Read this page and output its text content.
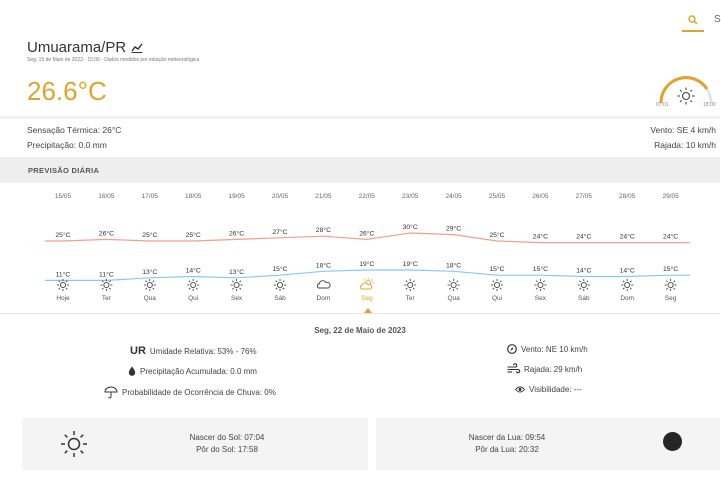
S
Umuarama/PR
Seg, 15 de Maio de 2023 - 15:00 - Dados medidos por estação meteorológica
26.6°C	07:01	18:00
Sensação Térmica: 26°C
Precipitação: 0.0 mm
Vento: SE 4 km/h
Rajada: 10 km/h
PREVISÃO DIÁRIA
15/05
25°C
11°C
Hoje
16/05
26°C
11°C
Ter
17/05
25°C
13°C
Qua
18/05
25°C
14°C
Qui
19/05
26°C
13°C
Sex
20/05
27°C
15°C
Sáb
21/05
28°C
18°C
Dom
22/05
26°C
19°C
Seg
23/05
30°C
19°C
Ter
24/05
29°C
18°C
Qua
25/05
25°C
15°C
Qui
26/05
24°C
15°C
Sex
27/05
24°C
14°C
Sáb
28/05
24°C
14°C
Dom
29/05
24°C
15°C
Seg
Seg, 22 de Maio de 2023
UR Umidade Relativa: 53% - 76%
Precipitação Acumulada: 0.0 mm
Probabilidade de Ocorrência de Chuva: 0%
Vento: NE 10 km/h
Rajada: 29 km/h
Visibilidade: ---
Nascer do Sol: 07:04
Pôr do Sol: 17:58
Nascer da Lua: 09:54
Pôr da Lua: 20:32
